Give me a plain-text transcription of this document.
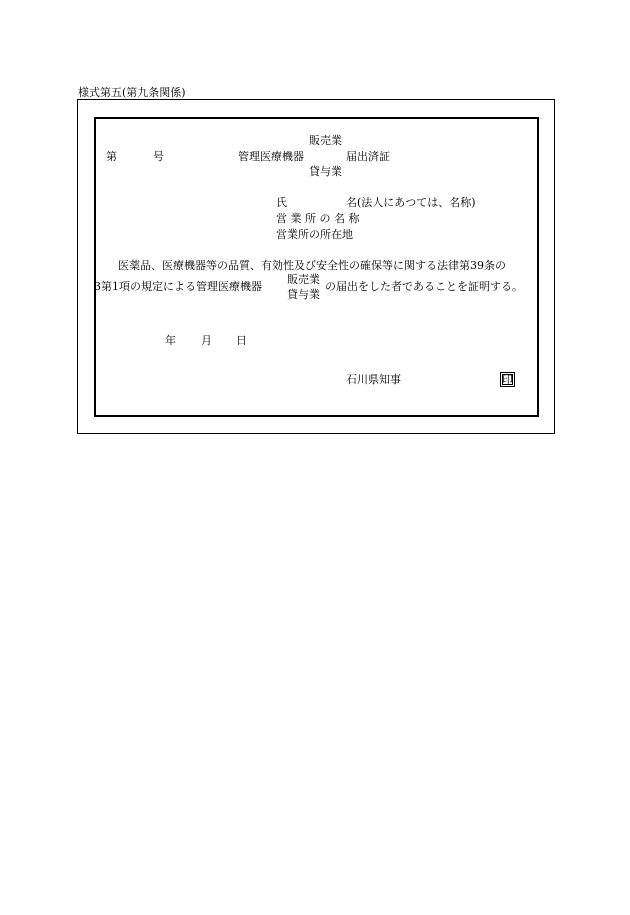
様式第五(第九条関係)
販売業
第	号	管理医療機器	届出済証
貸与業
氏	名(法人にあつては、名称)
営 業 所 の 名 称
営業所の所在地
医薬品、医療機器等の品質、有効性及び安全性の確保等に関する法律第39条の
3第1項の規定による管理医療機器
販売業
貸与業
の届出をした者であることを証明する。
年 月 日
石川県知事	印
